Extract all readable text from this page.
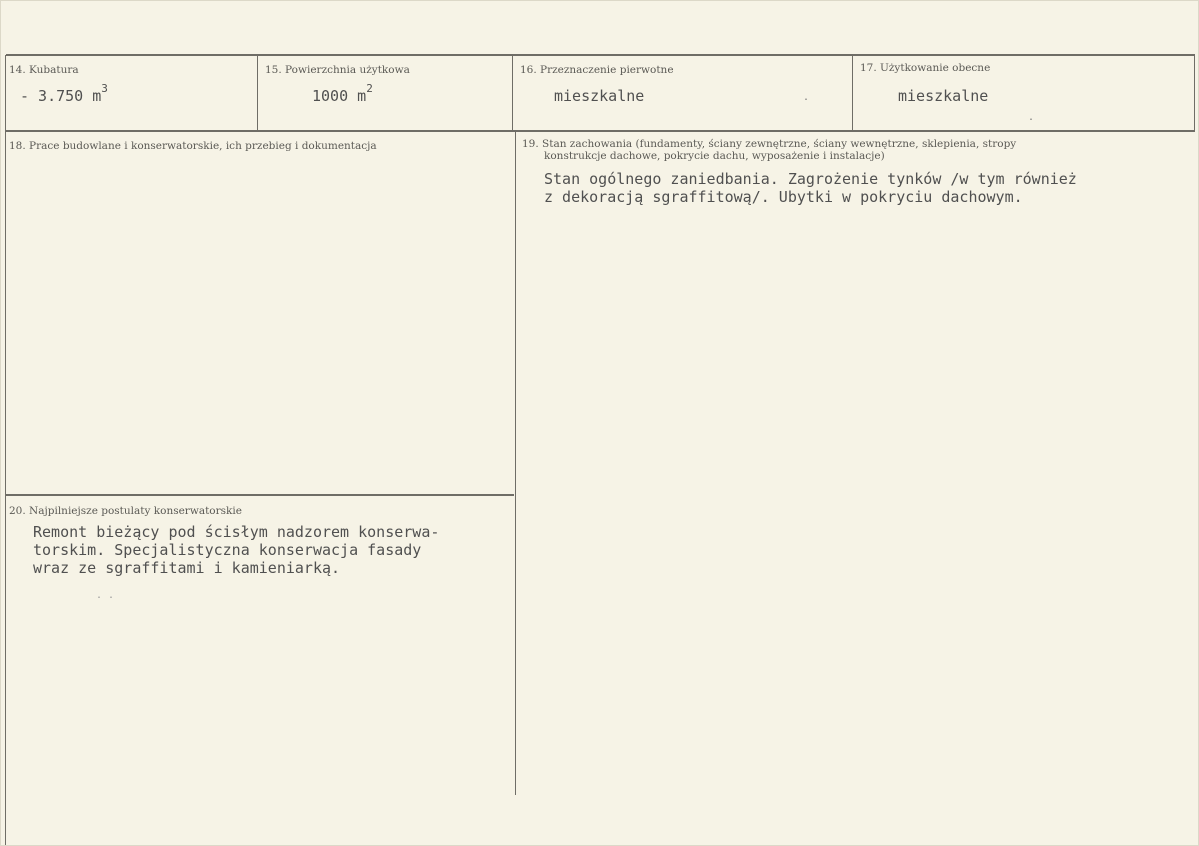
14. Kubatura
- 3.750 $m^3$
15. Powierzchnia użytkowa
1000 $m^2$
16. Przeznaczenie pierwotne
mieszkalne
17. Użytkowanie obecne
mieszkalne
18. Prace budowlane i konserwatorskie, ich przebieg i dokumentacja	19. Stan zachowania (fundamenty, ściany zewnętrzne, ściany wewnętrzne, sklepienia, stropy
konstrukcje dachowe, pokrycie dachu, wyposażenie i instalacje)
Stan ogólnego zaniedbania. Zagrożenie tynków /w tym również
z dekoracją sgraffitową/. Ubytki w pokryciu dachowym.
20. Najpilniejsze postulaty konserwatorskie
Remont bieżący pod ścisłym nadzorem konserwa-
torskim. Specjalistyczna konserwacja fasady
wraz ze sgraffitami i kamieniarką.
.
.
. .
